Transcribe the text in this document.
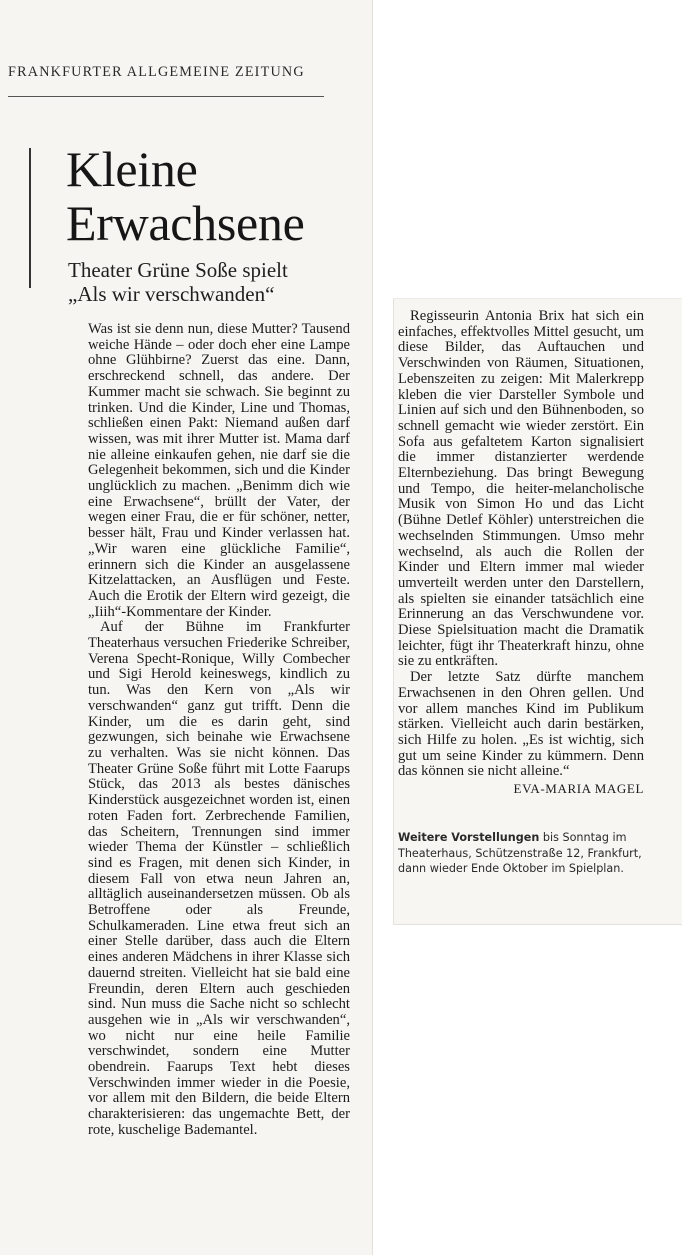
FRANKFURTER ALLGEMEINE ZEITUNG
Kleine
Erwachsene
Theater Grüne Soße spielt
„Als wir verschwanden“

Was ist sie denn nun, diese Mutter? Tausend weiche Hände – oder doch eher eine Lampe ohne Glühbirne? Zuerst das eine. Dann, erschreckend schnell, das andere. Der Kummer macht sie schwach. Sie beginnt zu trinken. Und die Kinder, Line und Thomas, schließen einen Pakt: Niemand außen darf wissen, was mit ihrer Mutter ist. Mama darf nie alleine einkaufen gehen, nie darf sie die Gelegenheit bekommen, sich und die Kinder unglücklich zu machen. „Benimm dich wie eine Erwachsene“, brüllt der Vater, der wegen einer Frau, die er für schöner, netter, besser hält, Frau und Kinder verlassen hat. „Wir waren eine glückliche Familie“, erinnern sich die Kinder an ausgelassene Kitzelattacken, an Ausflügen und Feste. Auch die Erotik der Eltern wird gezeigt, die „Iiih“-Kommentare der Kinder.

Auf der Bühne im Frankfurter Theaterhaus versuchen Friederike Schreiber, Verena Specht-Ronique, Willy Combecher und Sigi Herold keineswegs, kindlich zu tun. Was den Kern von „Als wir verschwanden“ ganz gut trifft. Denn die Kinder, um die es darin geht, sind gezwungen, sich beinahe wie Erwachsene zu verhalten. Was sie nicht können. Das Theater Grüne Soße führt mit Lotte Faarups Stück, das 2013 als bestes dänisches Kinderstück ausgezeichnet worden ist, einen roten Faden fort. Zerbrechende Familien, das Scheitern, Trennungen sind immer wieder Thema der Künstler – schließlich sind es Fragen, mit denen sich Kinder, in diesem Fall von etwa neun Jahren an, alltäglich auseinandersetzen müssen. Ob als Betroffene oder als Freunde, Schulkameraden. Line etwa freut sich an einer Stelle darüber, dass auch die Eltern eines anderen Mädchens in ihrer Klasse sich dauernd streiten. Vielleicht hat sie bald eine Freundin, deren Eltern auch geschieden sind. Nun muss die Sache nicht so schlecht ausgehen wie in „Als wir verschwanden“, wo nicht nur eine heile Familie verschwindet, sondern eine Mutter obendrein. Faarups Text hebt dieses Verschwinden immer wieder in die Poesie, vor allem mit den Bildern, die beide Eltern charakterisieren: das ungemachte Bett, der rote, kuschelige Bademantel.

Regisseurin Antonia Brix hat sich ein einfaches, effektvolles Mittel gesucht, um diese Bilder, das Auftauchen und Verschwinden von Räumen, Situationen, Lebenszeiten zu zeigen: Mit Malerkrepp kleben die vier Darsteller Symbole und Linien auf sich und den Bühnenboden, so schnell gemacht wie wieder zerstört. Ein Sofa aus gefaltetem Karton signalisiert die immer distanzierter werdende Elternbeziehung. Das bringt Bewegung und Tempo, die heiter-melancholische Musik von Simon Ho und das Licht (Bühne Detlef Köhler) unterstreichen die wechselnden Stimmungen. Umso mehr wechselnd, als auch die Rollen der Kinder und Eltern immer mal wieder umverteilt werden unter den Darstellern, als spielten sie einander tatsächlich eine Erinnerung an das Verschwundene vor. Diese Spielsituation macht die Dramatik leichter, fügt ihr Theaterkraft hinzu, ohne sie zu entkräften.

Der letzte Satz dürfte manchem Erwachsenen in den Ohren gellen. Und vor allem manches Kind im Publikum stärken. Vielleicht auch darin bestärken, sich Hilfe zu holen. „Es ist wichtig, sich gut um seine Kinder zu kümmern. Denn das können sie nicht alleine.“

EVA-MARIA MAGEL
Weitere Vorstellungen bis Sonntag im Theaterhaus, Schützenstraße 12, Frankfurt, dann wieder Ende Oktober im Spielplan.
